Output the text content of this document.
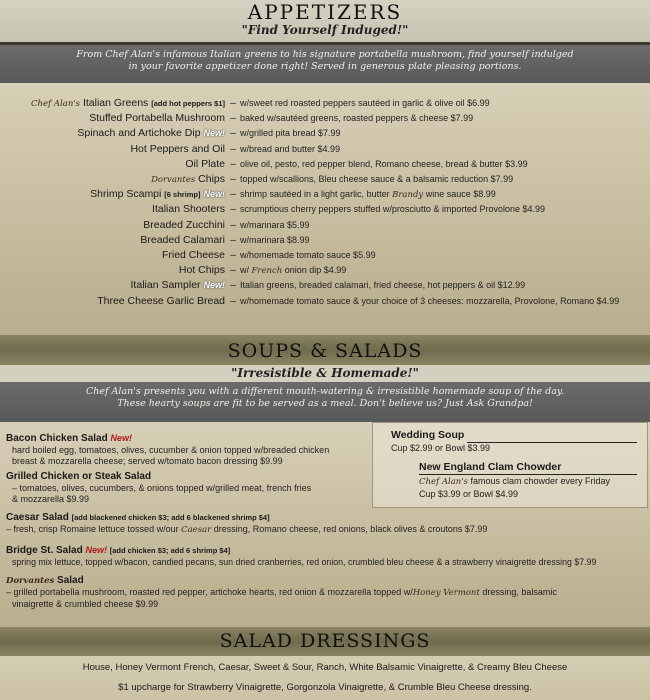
APPETIZERS
"Find Yourself Induged!"
From Chef Alan's infamous Italian greens to his signature portabella mushroom, find yourself indulged
in your favorite appetizer done right! Served in generous plate pleasing portions.
Chef Alan's Italian Greens [add hot peppers $1] – w/sweet red roasted peppers sautéed in garlic & olive oil $6.99
Stuffed Portabella Mushroom – baked w/sautéed greens, roasted peppers & cheese $7.99
Spinach and Artichoke Dip New! – w/grilled pita bread $7.99
Hot Peppers and Oil – w/bread and butter $4.99
Oil Plate – olive oil, pesto, red pepper blend, Romano cheese, bread & butter $3.99
Dorvantes Chips – topped w/scallions, Bleu cheese sauce & a balsamic reduction $7.99
Shrimp Scampi [6 shrimp] New! – shrimp sautéed in a light garlic, butter Brandy wine sauce $8.99
Italian Shooters – scrumptious cherry peppers stuffed w/prosciutto & imported Provolone $4.99
Breaded Zucchini – w/marinara $5.99
Breaded Calamari – w/marinara $8.99
Fried Cheese – w/homemade tomato sauce $5.99
Hot Chips – w/ French onion dip $4.99
Italian Sampler New! – Italian greens, breaded calamari, fried cheese, hot peppers & oil $12.99
Three Cheese Garlic Bread – w/homemade tomato sauce & your choice of 3 cheeses: mozzarella, Provolone, Romano $4.99
SOUPS & SALADS
"Irresistible & Homemade!"
Chef Alan's presents you with a different mouth-watering & irresistible homemade soup of the day.
These hearty soups are fit to be served as a meal. Don't believe us? Just Ask Grandpa!
Bacon Chicken Salad New!
hard boiled egg, tomatoes, olives, cucumber & onion topped w/breaded chicken
breast & mozzarella cheese; served w/tomato bacon dressing $9.99
Grilled Chicken or Steak Salad
– tomatoes, olives, cucumbers, & onions topped w/grilled meat, french fries
& mozzarella $9.99
Caesar Salad [add blackened chicken $3; add 6 blackened shrimp $4]
– fresh, crisp Romaine lettuce tossed w/our Caesar dressing, Romano cheese, red onions, black olives & croutons $7.99
Bridge St. Salad New! [add chicken $3; add 6 shrimp $4]
spring mix lettuce, topped w/bacon, candied pecans, sun dried cranberries, red onion, crumbled bleu cheese & a strawberry vinaigrette dressing $7.99
Dorvantes Salad
– grilled portabella mushroom, roasted red pepper, artichoke hearts, red onion & mozzarella topped w/Honey Vermont dressing, balsamic
vinaigrette & crumbled cheese $9.99
Wedding Soup
Cup $2.99 or Bowl $3.99
New England Clam Chowder
Chef Alan's famous clam chowder every Friday
Cup $3.99 or Bowl $4.99
SALAD DRESSINGS
House, Honey Vermont French, Caesar, Sweet & Sour, Ranch, White Balsamic Vinaigrette, & Creamy Bleu Cheese
$1 upcharge for Strawberry Vinaigrette, Gorgonzola Vinaigrette, & Crumble Bleu Cheese dressing.
